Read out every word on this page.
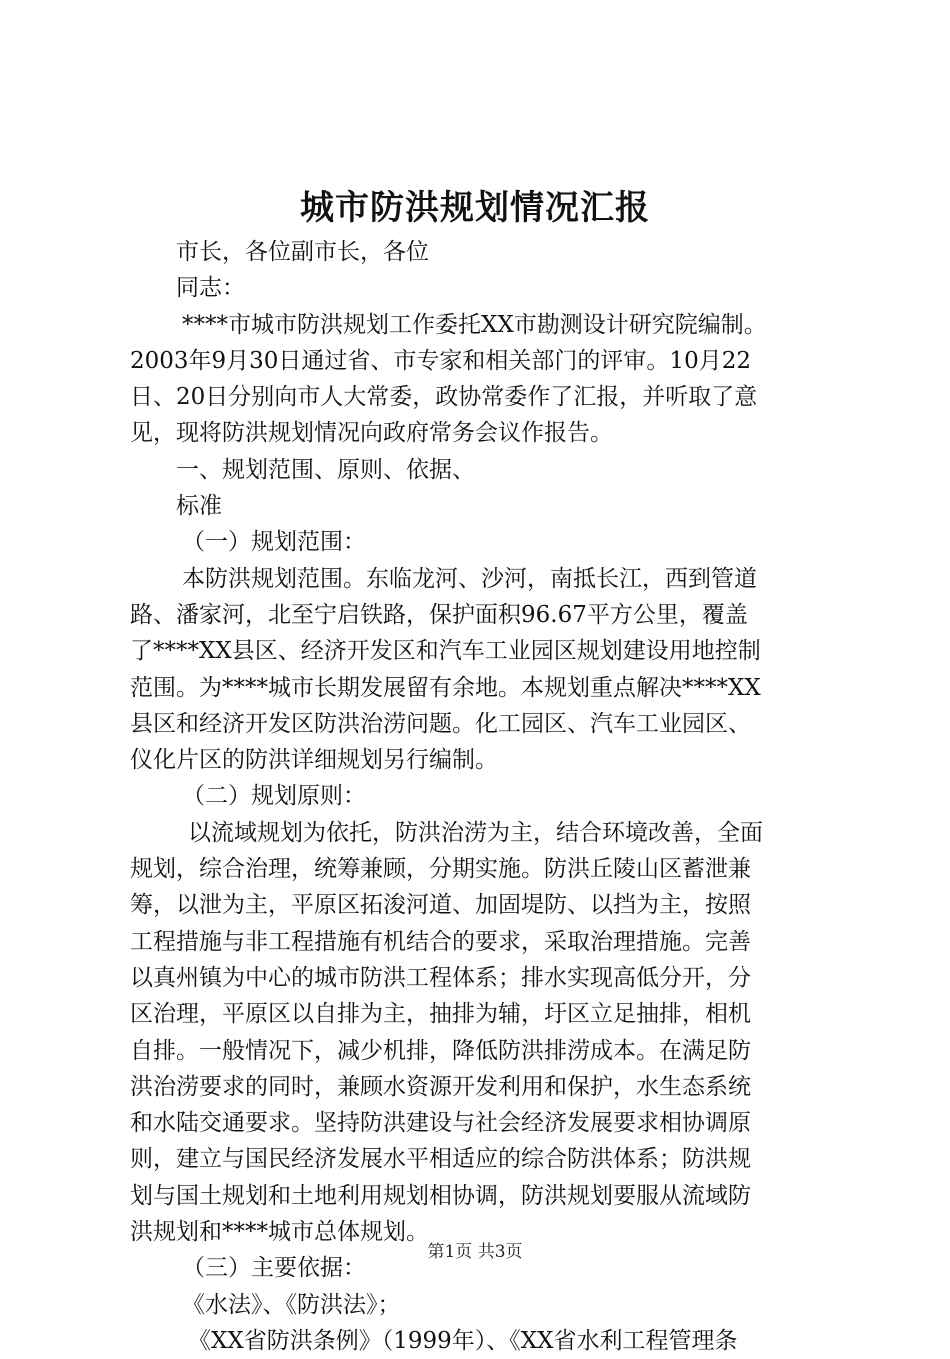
城市防洪规划情况汇报
市长，各位副市长，各位
同志：
****市城市防洪规划工作委托XX市勘测设计研究院编制。
2003年9月30日通过省、市专家和相关部门的评审。10月22
日、20日分别向市人大常委，政协常委作了汇报，并听取了意
见，现将防洪规划情况向政府常务会议作报告。
一、规划范围、原则、依据、
标准
（一）规划范围：
本防洪规划范围。东临龙河、沙河，南抵长江，西到管道
路、潘家河，北至宁启铁路，保护面积96.67平方公里，覆盖
了****XX县区、经济开发区和汽车工业园区规划建设用地控制
范围。为****城市长期发展留有余地。本规划重点解决****XX
县区和经济开发区防洪治涝问题。化工园区、汽车工业园区、
仪化片区的防洪详细规划另行编制。
（二）规划原则：
以流域规划为依托，防洪治涝为主，结合环境改善，全面
规划，综合治理，统筹兼顾，分期实施。防洪丘陵山区蓄泄兼
筹，以泄为主，平原区拓浚河道、加固堤防、以挡为主，按照
工程措施与非工程措施有机结合的要求，采取治理措施。完善
以真州镇为中心的城市防洪工程体系；排水实现高低分开，分
区治理，平原区以自排为主，抽排为辅，圩区立足抽排，相机
自排。一般情况下，减少机排，降低防洪排涝成本。在满足防
洪治涝要求的同时，兼顾水资源开发利用和保护，水生态系统
和水陆交通要求。坚持防洪建设与社会经济发展要求相协调原
则，建立与国民经济发展水平相适应的综合防洪体系；防洪规
划与国土规划和土地利用规划相协调，防洪规划要服从流域防
洪规划和****城市总体规划。
（三）主要依据：
《水法》、《防洪法》；
《XX省防洪条例》（1999年）、《XX省水利工程管理条
第1页 共3页
